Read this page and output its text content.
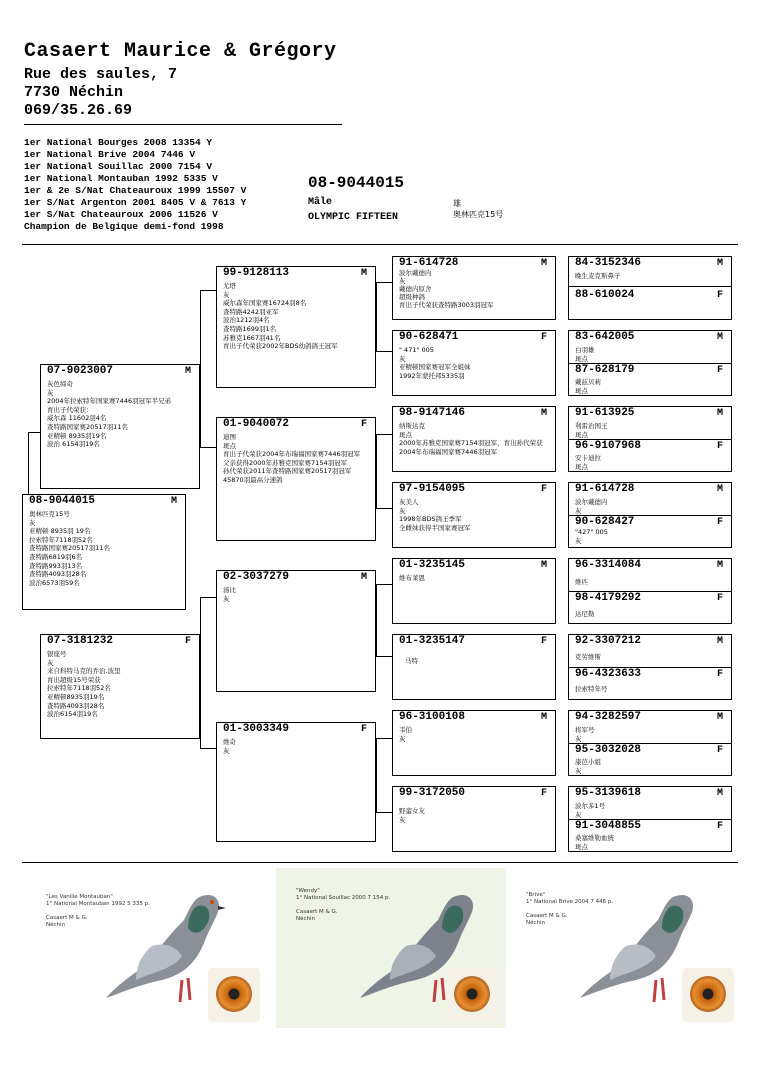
Casaert Maurice & Grégory
Rue des saules, 7
7730 Néchin
069/35.26.69
1er National Bourges 2008 13354 Y
1er National Brive 2004 7446 V
1er National Souillac 2000 7154 V
1er National Montauban 1992 5335 V
1er & 2e S/Nat Chateauroux 1999 15507 V
1er S/Nat Argenton 2001 8405 V & 7613 Y
1er S/Nat Chateauroux 2006 11526 V
Champion de Belgique demi-fond 1998
08-9044015
Mâle
OLYMPIC FIFTEEN
雄
奥林匹克15号
08-9044015	M
奥林匹克15号
灰
亚精顿 8935羽 19名
拉索特年7118羽52名
查特路国家赛20517羽11名
查特路6819羽6名
查特路993羽13名
查特路4093羽28名
波治6573羽59名
07-9023007	M
灰色缔奇
灰
2004年拉索特年国家赛7446羽冠军半兄弟
育出子代荣获：
威尔森 11602羽4名
查特路国家赛20517羽11名
亚精顿 8935羽19名
波治 6154羽19名
07-3181232	F
银座号
灰
来自科特马克的乔治.波里
育出超级15号荣获
拉索特年7118羽52名
亚精顿8935羽19名
查特路4093羽28名
波治6154羽19名
99-9128113	M
尤塔
灰
威尔森年国家赛16724羽8名
查特路4242羽亚军
波治1212羽4名
查特路1699羽1名
苏雅克1667羽41名
育出子代荣获2002年BDS幼鸽鸽王冠军
01-9040072	F
迪图
斑点
育出子代荣获2004年布瑞福国家赛7446羽冠军
父亲获得2000年苏雅克国家赛7154羽冠军
孙代荣获2011年查特路国家赛20517羽冠军
45870羽最高分速鸽
02-3037279	M
汤比
灰
01-3003349	F
维奇
灰
91-614728	M
波尔戴德内
灰
戴德内原舍
超级种鸽
育出子代荣获查特路3003羽冠军
90-628471	F
" 471" 005
灰
亚精顿国家赛冠军全姐妹
1992年蒙托邦5335羽
98-9147146	M
纳斯达克
斑点
2000年苏雅克国家赛7154羽冠军，育出孙代荣获2004年布瑞福国家赛7446羽冠军
97-9154095	F
灰美人
灰
1998年BDS鸽王季军
全雌妹获得半国家赛冠军
01-3235145	M
维布莱恩
01-3235147	F
马特
96-3100108	M
韦伯
灰
99-3172050	F
野蛮女友
灰
84-3152346	M
晚生麦克斯鼻子
88-610024	F
83-642005	M
白羽雄
斑点
87-628179	F
戴兹贝莉
斑点
91-613925	M
利雷治国王
斑点
96-9107968	F
安卡迪拉
斑点
91-614728	M
波尔戴德内
灰
90-628427	F
"427" 005
灰
96-3314084	M
维匹
98-4179292	F
达尼勒
92-3307212	M
克劳维斯
96-4323633	F
拉索特年号
94-3282597	M
将军号
灰
95-3032028	F
康芭小姐
灰
95-3139618	M
波尔多1号
灰
91-3048855	F
桑塞维勒血统
斑点
"Les Vanille Montauban"
1° National Montauban 1992 5 335 p.

Casaert M & G.
Néchin
"Wendy"
1° National Souillac 2000 7 154 p.

Casaert M & G.
Néchin
"Brive"
1° National Brive 2004 7 446 p.

Casaert M & G.
Néchin
